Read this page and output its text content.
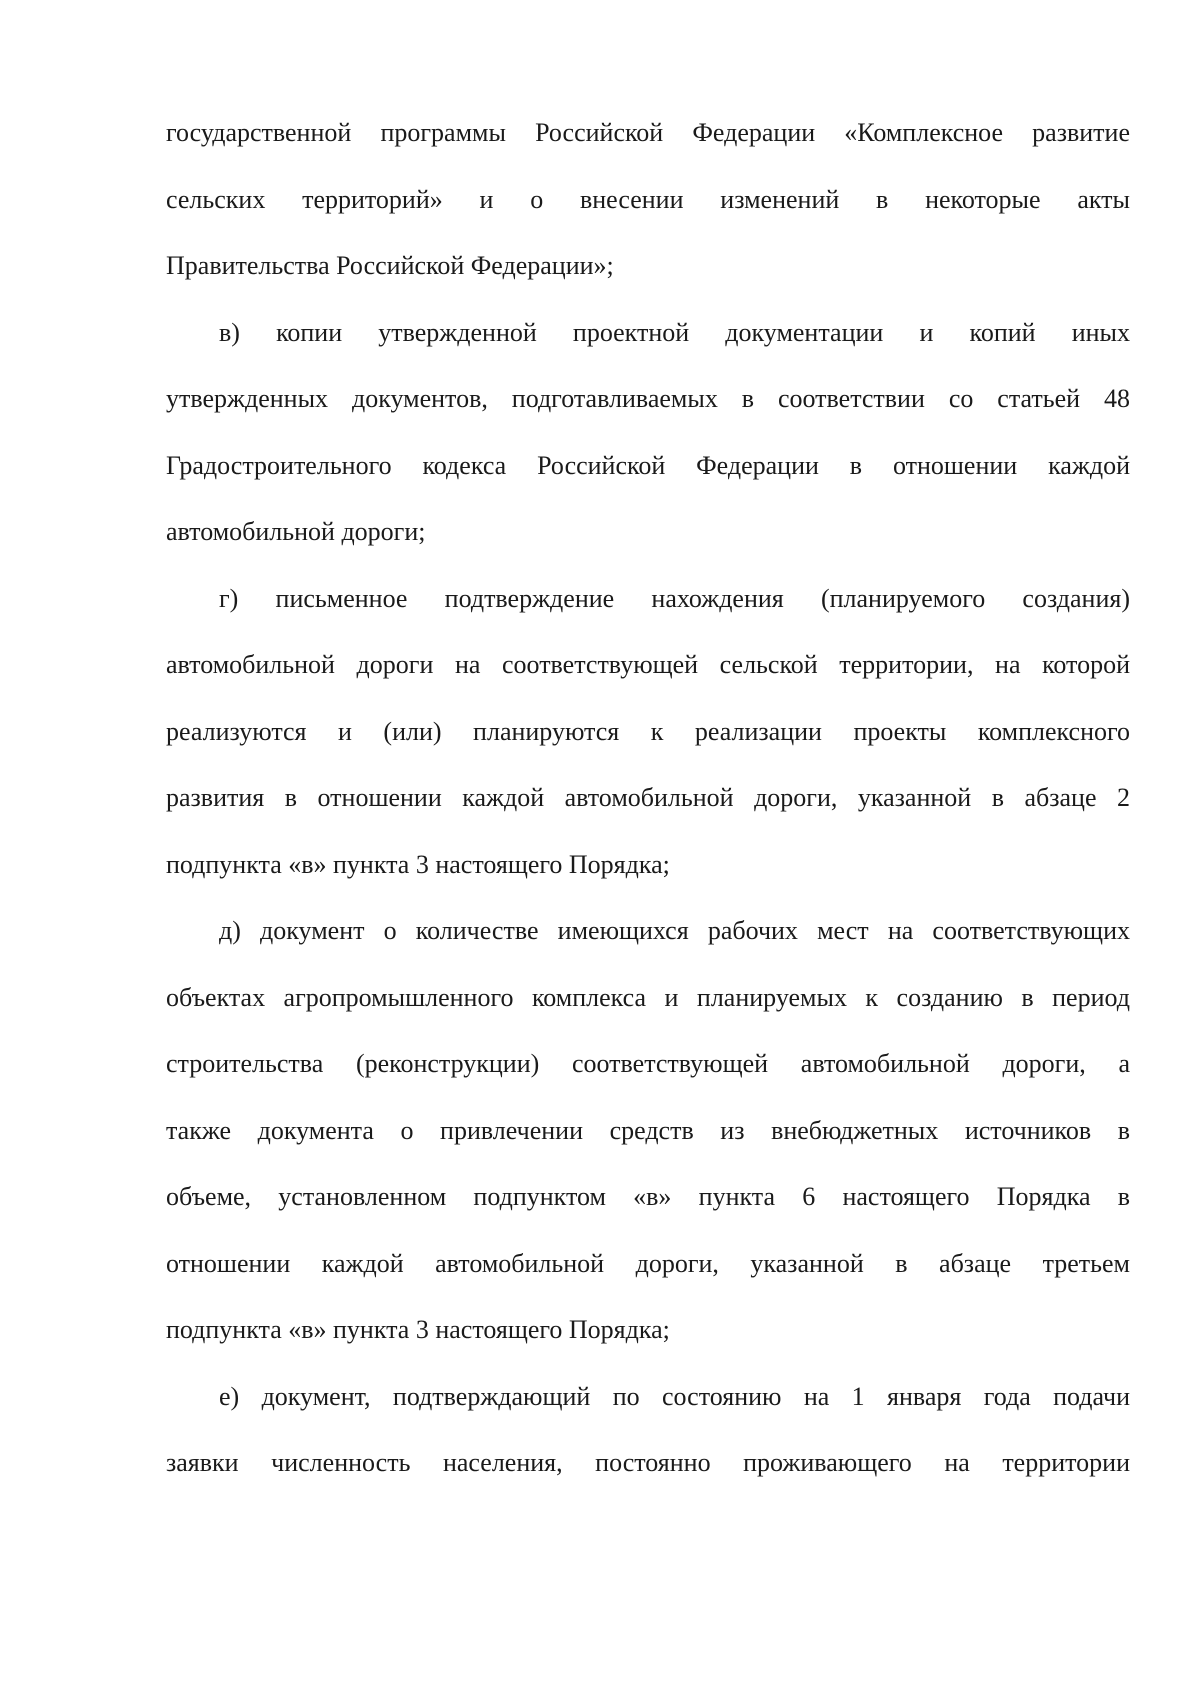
государственной программы Российской Федерации «Комплексное развитие
сельских территорий» и о внесении изменений в некоторые акты
Правительства Российской Федерации»;

в) копии утвержденной проектной документации и копий иных
утвержденных документов, подготавливаемых в соответствии со статьей 48
Градостроительного кодекса Российской Федерации в отношении каждой
автомобильной дороги;

г) письменное подтверждение нахождения (планируемого создания)
автомобильной дороги на соответствующей сельской территории, на которой
реализуются и (или) планируются к реализации проекты комплексного
развития в отношении каждой автомобильной дороги, указанной в абзаце 2
подпункта «в» пункта 3 настоящего Порядка;

д) документ о количестве имеющихся рабочих мест на соответствующих
объектах агропромышленного комплекса и планируемых к созданию в период
строительства (реконструкции) соответствующей автомобильной дороги, а
также документа о привлечении средств из внебюджетных источников в
объеме, установленном подпунктом «в» пункта 6 настоящего Порядка в
отношении каждой автомобильной дороги, указанной в абзаце третьем
подпункта «в» пункта 3 настоящего Порядка;

е) документ, подтверждающий по состоянию на 1 января года подачи
заявки численность населения, постоянно проживающего на территории
